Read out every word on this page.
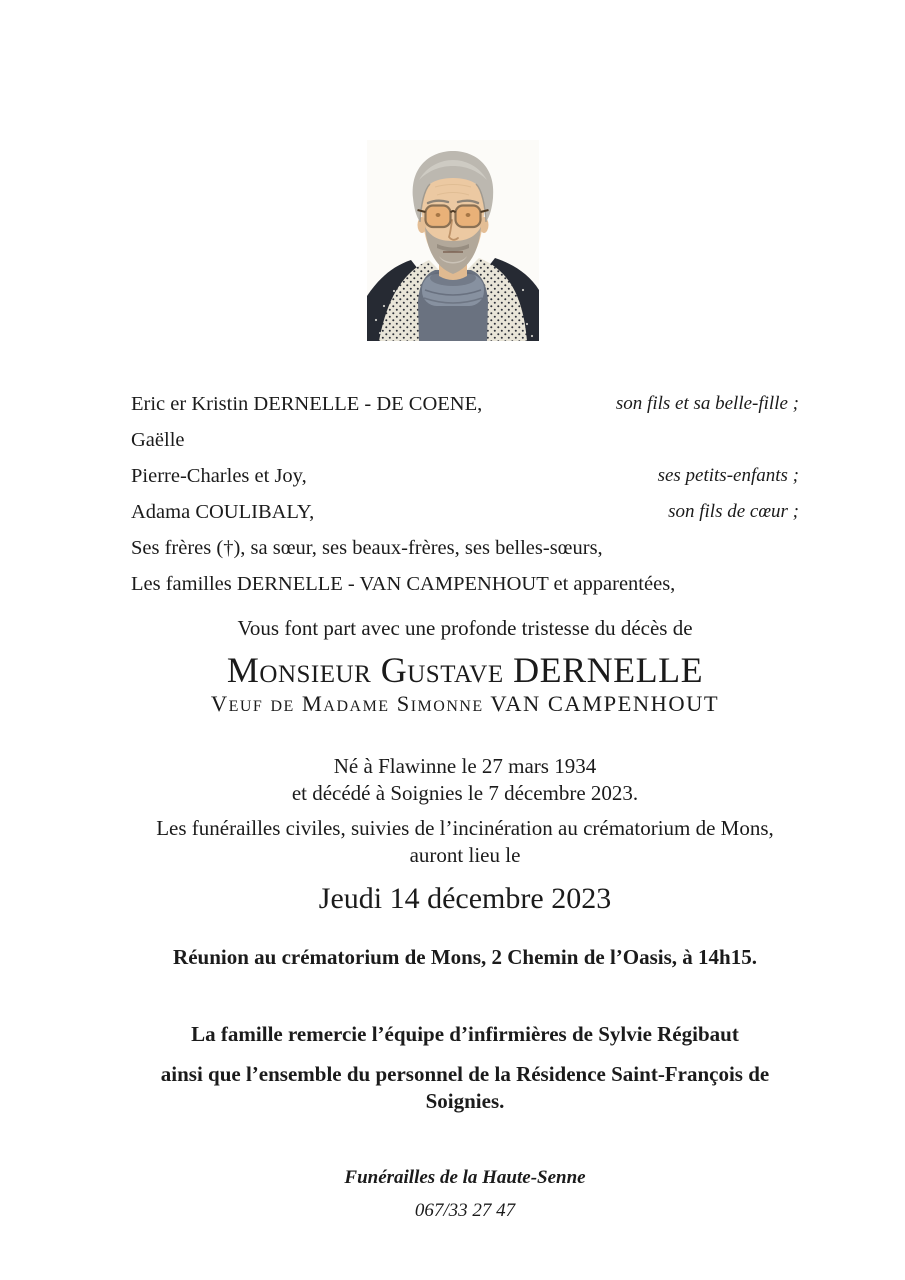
Eric er Kristin DERNELLE - DE COENE,	son fils et sa belle-fille ;
Gaëlle
Pierre-Charles et Joy,	ses petits-enfants ;
Adama COULIBALY,	son fils de cœur ;
Ses frères (†), sa sœur, ses beaux-frères, ses belles-sœurs,
Les familles DERNELLE - VAN CAMPENHOUT et apparentées,

Vous font part avec une profonde tristesse du décès de

Monsieur Gustave DERNELLE
Veuf de Madame Simonne VAN CAMPENHOUT

Né à Flawinne le 27 mars 1934

et décédé à Soignies le 7 décembre 2023.

Les funérailles civiles, suivies de l’incinération au crématorium de Mons,

auront lieu le

Jeudi 14 décembre 2023

Réunion au crématorium de Mons, 2 Chemin de l’Oasis, à 14h15.

La famille remercie l’équipe d’infirmières de Sylvie Régibaut

ainsi que l’ensemble du personnel de la Résidence Saint-François de Soignies.

Funérailles de la Haute-Senne

067/33 27 47
